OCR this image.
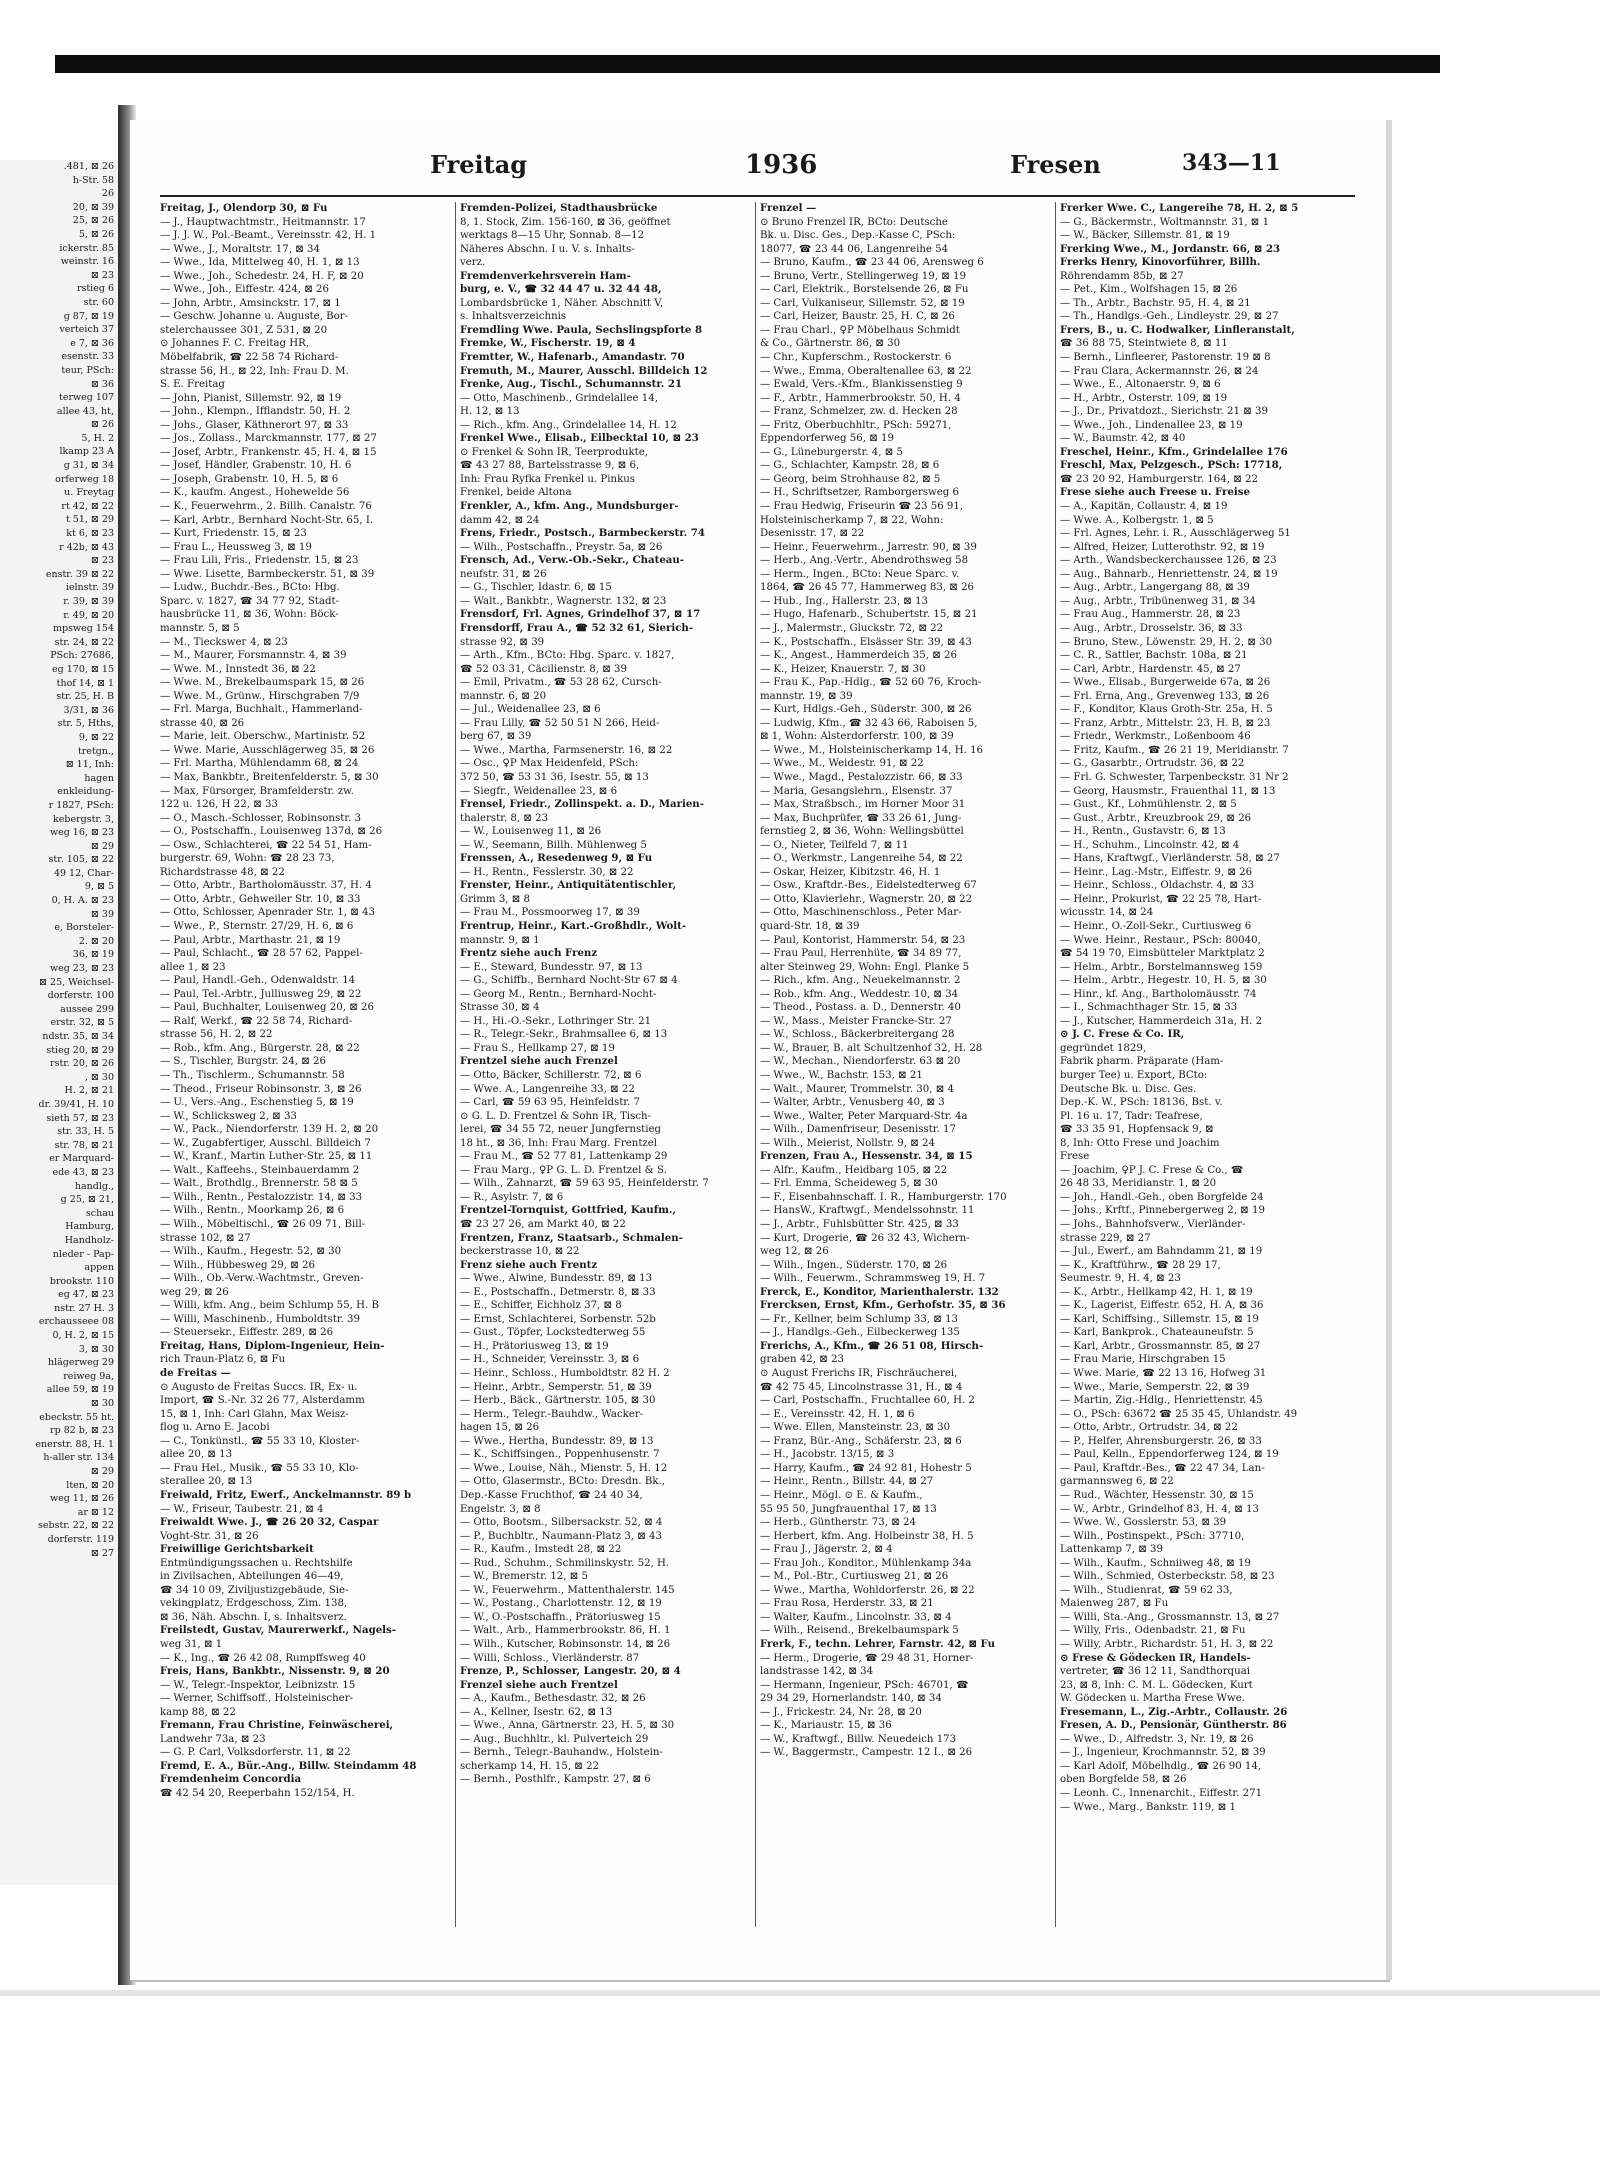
.481, ⊠ 26
h-Str. 58
26
20, ⊠ 39
25, ⊠ 26
5, ⊠ 26
ickerstr. 85
weinstr. 16
⊠ 23
rstieg 6
str. 60
g 87, ⊠ 19
verteich 37
e 7, ⊠ 36
esenstr. 33
teur, PSch:
⊠ 36
terweg 107
allee 43, ht,
⊠ 26
5, H. 2
lkamp 23 A
g 31, ⊠ 34
orferweg 18
u. Freytag
rt 42, ⊠ 22
t 51, ⊠ 29
kt 6, ⊠ 23
r 42b, ⊠ 43
⊠ 23
enstr. 39 ⊠ 22
ielnstr. 39
r. 39, ⊠ 39
r. 49, ⊠ 20
mpsweg 154
str. 24, ⊠ 22
PSch: 27686,
eg 170, ⊠ 15
thof 14, ⊠ 1
str. 25, H. B
3/31, ⊠ 36
str. 5, Hths,
9, ⊠ 22
tretgn.,
⊠ 11, Inh:
hagen
enkleidung-
r 1827, PSch:
kebergstr. 3,
weg 16, ⊠ 23
⊠ 29
str. 105, ⊠ 22
49 12, Char-
9, ⊠ 5
0, H. A. ⊠ 23
⊠ 39
e, Borsteler-
2. ⊠ 20
36, ⊠ 19
weg 23, ⊠ 23
⊠ 25, Weichsel-
dorferstr. 100
aussee 299
erstr. 32, ⊠ 5
ndstr. 35, ⊠ 34
stieg 20, ⊠ 29
rstr. 20, ⊠ 26
, ⊠ 30
H. 2, ⊠ 21
dr. 39/41, H. 10
sieth 57, ⊠ 23
str. 33, H. 5
str. 78, ⊠ 21
er Marquard-
ede 43, ⊠ 23
handlg.,
g 25, ⊠ 21,
schau
Hamburg,
Handholz-
nleder - Pap-
appen
brookstr. 110
eg 47, ⊠ 23
nstr. 27 H. 3
erchausseee 08
0, H. 2, ⊠ 15
3, ⊠ 30
hlägerweg 29
reiweg 9a,
allee 59, ⊠ 19
⊠ 30
ebeckstr. 55 ht.
rp 82 b, ⊠ 23
enerstr. 88, H. 1
h-aller str. 134
⊠ 29
lten, ⊠ 20
weg 11, ⊠ 26
ar ⊠ 12
sebstr. 22, ⊠ 22
dorferstr. 119
⊠ 27
Freitag	1936	Fresen	343—11
Freitag, J., Olendorp 30, ⊠ Fu
— J., Hauptwachtmstr., Heitmannstr. 17
— J. J. W., Pol.-Beamt., Vereinsstr. 42, H. 1
— Wwe., J., Moraltstr. 17, ⊠ 34
— Wwe., Ida, Mittelweg 40, H. 1, ⊠ 13
— Wwe., Joh., Schedestr. 24, H. F, ⊠ 20
— Wwe., Joh., Eiffestr. 424, ⊠ 26
— John, Arbtr., Amsinckstr. 17, ⊠ 1
— Geschw. Johanne u. Auguste, Bor-
stelerchaussee 301, Z 531, ⊠ 20
⊙ Johannes F. C. Freitag HR,
Möbelfabrik, ☎ 22 58 74 Richard-
strasse 56, H., ⊠ 22, Inh: Frau D. M.
S. E. Freitag
— John, Pianist, Sillemstr. 92, ⊠ 19
— John., Klempn., Ifflandstr. 50, H. 2
— Johs., Glaser, Käthnerort 97, ⊠ 33
— Jos., Zollass., Marckmannstr. 177, ⊠ 27
— Josef, Arbtr., Frankenstr. 45, H. 4, ⊠ 15
— Josef, Händler, Grabenstr. 10, H. 6
— Joseph, Grabenstr. 10, H. 5, ⊠ 6
— K., kaufm. Angest., Hohewelde 56
— K., Feuerwehrm., 2. Billh. Canalstr. 76
— Karl, Arbtr., Bernhard Nocht-Str. 65, I.
— Kurt, Friedenstr. 15, ⊠ 23
— Frau L., Heussweg 3, ⊠ 19
— Frau Lili, Fris., Friedenstr. 15, ⊠ 23
— Wwe. Lisette, Barmbeckerstr. 51, ⊠ 39
— Ludw., Buchdr.-Bes., BCto: Hbg.
Sparc. v. 1827, ☎ 34 77 92, Stadt-
hausbrücke 11, ⊠ 36, Wohn: Böck-
mannstr. 5, ⊠ 5
— M., Tieckswег 4, ⊠ 23
— M., Maurer, Forsmannstr. 4, ⊠ 39
— Wwe. M., Innstedt 36, ⊠ 22
— Wwe. M., Brekelbaumspark 15, ⊠ 26
— Wwe. M., Grünw., Hirschgraben 7/9
— Frl. Marga, Buchhalt., Hammerland-
strasse 40, ⊠ 26
— Marie, leit. Oberschw., Martinistr. 52
— Wwe. Marie, Ausschlägerweg 35, ⊠ 26
— Frl. Martha, Mühlendamm 68, ⊠ 24
— Max, Bankbtr., Breitenfelderstr. 5, ⊠ 30
— Max, Fürsorger, Bramfelderstr. zw.
122 u. 126, H 22, ⊠ 33
— O., Masch.-Schlosser, Robinsonstr. 3
— O., Postschaffn., Louisenweg 137d, ⊠ 26
— Osw., Schlachterei, ☎ 22 54 51, Ham-
burgerstr. 69, Wohn: ☎ 28 23 73,
Richardstrasse 48, ⊠ 22
— Otto, Arbtr., Bartholomäusstr. 37, H. 4
— Otto, Arbtr., Gehweiler Str. 10, ⊠ 33
— Otto, Schlosser, Apenrader Str. 1, ⊠ 43
— Wwe., P., Sternstr. 27/29, H. 6, ⊠ 6
— Paul, Arbtr., Marthastr. 21, ⊠ 19
— Paul, Schlacht., ☎ 28 57 62, Pappel-
allee 1, ⊠ 23
— Paul, Handl.-Geh., Odenwaldstr. 14
— Paul, Tel.-Arbtr., Julliusweg 29, ⊠ 22
— Paul, Buchhalter, Louisenweg 20, ⊠ 26
— Ralf, Werkf., ☎ 22 58 74, Richard-
strasse 56, H. 2, ⊠ 22
— Rob., kfm. Ang., Bürgerstr. 28, ⊠ 22
— S., Tischler, Burgstr. 24, ⊠ 26
— Th., Tischlerm., Schumannstr. 58
— Theod., Friseur Robinsonstr. 3, ⊠ 26
— U., Vers.-Ang., Eschenstieg 5, ⊠ 19
— W., Schlicksweg 2, ⊠ 33
— W., Pack., Niendorferstr. 139 H. 2, ⊠ 20
— W., Zugabfertiger, Ausschl. Billdeich 7
— W., Kranf., Martin Luther-Str. 25, ⊠ 11
— Walt., Kaffeehs., Steinbauerdamm 2
— Walt., Brothdlg., Brennerstr. 58 ⊠ 5
— Wilh., Rentn., Pestalozzistr. 14, ⊠ 33
— Wilh., Rentn., Moorkamp 26, ⊠ 6
— Wilh., Möbeltischl., ☎ 26 09 71, Bill-
strasse 102, ⊠ 27
— Wilh., Kaufm., Hegestr. 52, ⊠ 30
— Wilh., Hübbesweg 29, ⊠ 26
— Wilh., Ob.-Verw.-Wachtmstr., Greven-
weg 29, ⊠ 26
— Willi, kfm. Ang., beim Schlump 55, H. B
— Willi, Maschinenb., Humboldtstr. 39
— Steuersekr., Eiffestr. 289, ⊠ 26
Freitag, Hans, Diplom-Ingenieur, Hein-
rich Traun-Platz 6, ⊠ Fu
de Freitas —
⊙ Augusto de Freitas Succs. IR, Ex- u.
Import, ☎ S.-Nr. 32 26 77, Alsterdamm
15, ⊠ 1, Inh: Carl Glahn, Max Weisz-
flog u. Arno E. Jacobi
— C., Tonkünstl., ☎ 55 33 10, Kloster-
allee 20, ⊠ 13
— Frau Hel., Musik., ☎ 55 33 10, Klo-
sterallee 20, ⊠ 13
Freiwald, Fritz, Ewerf., Anckelmannstr. 89 b
— W., Friseur, Taubestr. 21, ⊠ 4
Freiwaldt Wwe. J., ☎ 26 20 32, Caspar
Voght-Str. 31, ⊠ 26
Freiwillige Gerichtsbarkeit
Entmündigungssachen u. Rechtshilfe
in Zivilsachen, Abteilungen 46—49,
☎ 34 10 09, Ziviljustizgebäude, Sie-
vekingplatz, Erdgeschoss, Zim. 138,
⊠ 36, Näh. Abschn. I, s. Inhaltsverz.
Freilstedt, Gustav, Maurerwerkf., Nagels-
weg 31, ⊠ 1
— K., Ing., ☎ 26 42 08, Rumpffsweg 40
Freis, Hans, Bankbtr., Nissenstr. 9, ⊠ 20
— W., Telegr.-Inspektor, Leibnizstr. 15
— Werner, Schiffsoff., Holsteinischer-
kamp 88, ⊠ 22
Fremann, Frau Christine, Feinwäscherei,
Landwehr 73a, ⊠ 23
— G. P. Carl, Volksdorferstr. 11, ⊠ 22
Fremd, E. A., Bür.-Ang., Billw. Steindamm 48
Fremdenheim Concordia
☎ 42 54 20, Reeperbahn 152/154, H.
Fremden-Polizei, Stadthausbrücke
8, 1. Stock, Zim. 156-160, ⊠ 36, geöffnet
werktags 8—15 Uhr, Sonnab. 8—12
Näheres Abschn. I u. V. s. Inhalts-
verz.
Fremdenverkehrsverein Ham-
burg, e. V., ☎ 32 44 47 u. 32 44 48,
Lombardsbrücke 1, Näher. Abschnitt V,
s. Inhaltsverzeichnis
Fremdling Wwe. Paula, Sechslingspforte 8
Fremke, W., Fischerstr. 19, ⊠ 4
Fremtter, W., Hafenarb., Amandastr. 70
Fremuth, M., Maurer, Ausschl. Billdeich 12
Frenke, Aug., Tischl., Schumannstr. 21
— Otto, Maschinenb., Grindelallee 14,
H. 12, ⊠ 13
— Rich., kfm. Ang., Grindelallee 14, H. 12
Frenkel Wwe., Elisab., Eilbecktal 10, ⊠ 23
⊙ Frenkel & Sohn IR, Teerprodukte,
☎ 43 27 88, Bartelsstrasse 9, ⊠ 6,
Inh: Frau Ryfka Frenkel u. Pinkus
Frenkel, beide Altona
Frenkler, A., kfm. Ang., Mundsburger-
damm 42, ⊠ 24
Frens, Friedr., Postsch., Barmbeckerstr. 74
— Wilh., Postschaffn., Preystr. 5a, ⊠ 26
Frensch, Ad., Verw.-Ob.-Sekr., Chateau-
neufstr. 31, ⊠ 26
— G., Tischler, Idastr. 6, ⊠ 15
— Walt., Bankbtr., Wagnerstr. 132, ⊠ 23
Frensdorf, Frl. Agnes, Grindelhof 37, ⊠ 17
Frensdorff, Frau A., ☎ 52 32 61, Sierich-
strasse 92, ⊠ 39
— Arth., Kfm., BCto: Hbg. Sparc. v. 1827,
☎ 52 03 31, Cäcilienstr. 8, ⊠ 39
— Emil, Privatm., ☎ 53 28 62, Cursch-
mannstr. 6, ⊠ 20
— Jul., Weidenallee 23, ⊠ 6
— Frau Lilly, ☎ 52 50 51 N 266, Heid-
berg 67, ⊠ 39
— Wwe., Martha, Farmsenerstr. 16, ⊠ 22
— Osc., ♀P Max Heidenfeld, PSch:
372 50, ☎ 53 31 36, Isestr. 55, ⊠ 13
— Siegfr., Weidenallee 23, ⊠ 6
Frensel, Friedr., Zollinspekt. a. D., Marien-
thalerstr. 8, ⊠ 23
— W., Louisenweg 11, ⊠ 26
— W., Seemann, Billh. Mühlenweg 5
Frenssen, A., Resedenweg 9, ⊠ Fu
— H., Rentn., Fesslerstr. 30, ⊠ 22
Frenster, Heinr., Antiquitätentischler,
Grimm 3, ⊠ 8
— Frau M., Possmoorweg 17, ⊠ 39
Frentrup, Heinr., Kart.-Großhdlr., Wolt-
mannstr. 9, ⊠ 1
Frentz siehe auch Frenz
— E., Steward, Bundesstr. 97, ⊠ 13
— G., Schiffb., Bernhard Nocht-Str 67 ⊠ 4
— Georg M., Rentn., Bernhard-Nocht-
Strasse 30, ⊠ 4
— H., Hi.-O.-Sekr., Lothringer Str. 21
— R., Telegr.-Sekr., Brahmsallee 6, ⊠ 13
— Frau S., Hellkamp 27, ⊠ 19
Frentzel siehe auch Frenzel
— Otto, Bäcker, Schillerstr. 72, ⊠ 6
— Wwe. A., Langenreihe 33, ⊠ 22
— Carl, ☎ 59 63 95, Heinfeldstr. 7
⊙ G. L. D. Frentzel & Sohn IR, Tisch-
lerei, ☎ 34 55 72, neuer Jungfernstieg
18 ht., ⊠ 36, Inh: Frau Marg. Frentzel
— Frau M., ☎ 52 77 81, Lattenkamp 29
— Frau Marg., ♀P G. L. D. Frentzel & S.
— Wilh., Zahnarzt, ☎ 59 63 95, Heinfelderstr. 7
— R., Asylstr. 7, ⊠ 6
Frentzel-Tornquist, Gottfried, Kaufm.,
☎ 23 27 26, am Markt 40, ⊠ 22
Frentzen, Franz, Staatsarb., Schmalen-
beckerstrasse 10, ⊠ 22
Frenz siehe auch Frentz
— Wwe., Alwine, Bundesstr. 89, ⊠ 13
— E., Postschaffn., Detmerstr. 8, ⊠ 33
— E., Schiffer, Eichholz 37, ⊠ 8
— Ernst, Schlachterei, Sorbenstr. 52b
— Gust., Töpfer, Lockstedterweg 55
— H., Prätoriusweg 13, ⊠ 19
— H., Schneider, Vereinsstr. 3, ⊠ 6
— Heinr., Schloss., Humboldtstr. 82 H. 2
— Heinr., Arbtr., Semperstr. 51, ⊠ 39
— Herb., Bäck., Gärtnerstr. 105, ⊠ 30
— Herm., Telegr.-Bauhdw., Wacker-
hagen 15, ⊠ 26
— Wwe., Hertha, Bundesstr. 89, ⊠ 13
— K., Schiffsingen., Poppenhusenstr. 7
— Wwe., Louise, Näh., Mienstr. 5, H. 12
— Otto, Glasermstr., BCto: Dresdn. Bk.,
Dep.-Kasse Fruchthof, ☎ 24 40 34,
Engelstr. 3, ⊠ 8
— Otto, Bootsm., Silbersackstr. 52, ⊠ 4
— P., Buchbltr., Naumann-Platz 3, ⊠ 43
— R., Kaufm., Imstedt 28, ⊠ 22
— Rud., Schuhm., Schmilinskystr. 52, H.
— W., Bremerstr. 12, ⊠ 5
— W., Feuerwehrm., Mattenthalerstr. 145
— W., Postang., Charlottenstr. 12, ⊠ 19
— W., O.-Postschaffn., Prätoriusweg 15
— Walt., Arb., Hammerbrookstr. 86, H. 1
— Wilh., Kutscher, Robinsonstr. 14, ⊠ 26
— Willi, Schloss., Vierländerstr. 87
Frenze, P., Schlosser, Langestr. 20, ⊠ 4
Frenzel siehe auch Frentzel
— A., Kaufm., Bethesdastr. 32, ⊠ 26
— A., Kellner, Isestr. 62, ⊠ 13
— Wwe., Anna, Gärtnerstr. 23, H. 5, ⊠ 30
— Aug., Buchhltr., kl. Pulverteich 29
— Bernh., Telegr.-Bauhandw., Holstein-
scherkamp 14, H. 15, ⊠ 22
— Bernh., Posthlfr., Kampstr. 27, ⊠ 6
Frenzel —
⊙ Bruno Frenzel IR, BCto: Deutsche
Bk. u. Disc. Ges., Dep.-Kasse C, PSch:
18077, ☎ 23 44 06, Langenreihe 54
— Bruno, Kaufm., ☎ 23 44 06, Arensweg 6
— Bruno, Vertr., Stellingerweg 19, ⊠ 19
— Carl, Elektrik., Borstelsende 26, ⊠ Fu
— Carl, Vulkaniseur, Sillemstr. 52, ⊠ 19
— Carl, Heizer, Baustr. 25, H. C, ⊠ 26
— Frau Charl., ♀P Möbelhaus Schmidt
& Co., Gärtnerstr. 86, ⊠ 30
— Chr., Kupferschm., Rostockerstr. 6
— Wwe., Emma, Oberaltenallee 63, ⊠ 22
— Ewald, Vers.-Kfm., Blankissenstieg 9
— F., Arbtr., Hammerbrookstr. 50, H. 4
— Franz, Schmelzer, zw. d. Hecken 28
— Fritz, Oberbuchhltr., PSch: 59271,
Eppendorferweg 56, ⊠ 19
— G., Lüneburgerstr. 4, ⊠ 5
— G., Schlachter, Kampstr. 28, ⊠ 6
— Georg, beim Strohhause 82, ⊠ 5
— H., Schriftsetzer, Ramborgersweg 6
— Frau Hedwig, Friseurin ☎ 23 56 91,
Holsteinischerkamp 7, ⊠ 22, Wohn:
Desenisstr. 17, ⊠ 22
— Heinr., Feuerwehrm., Jarrestr. 90, ⊠ 39
— Herb., Ang.-Vertr., Abendrothsweg 58
— Herm., Ingen., BCto: Neue Sparc. v.
1864, ☎ 26 45 77, Hammerweg 83, ⊠ 26
— Hub., Ing., Hallerstr. 23, ⊠ 13
— Hugo, Hafenarb., Schubertstr. 15, ⊠ 21
— J., Malermstr., Gluckstr. 72, ⊠ 22
— K., Postschaffn., Elsässer Str. 39, ⊠ 43
— K., Angest., Hammerdeich 35, ⊠ 26
— K., Heizer, Knauerstr. 7, ⊠ 30
— Frau K., Pap.-Hdlg., ☎ 52 60 76, Kroch-
mannstr. 19, ⊠ 39
— Kurt, Hdlgs.-Geh., Süderstr. 300, ⊠ 26
— Ludwig, Kfm., ☎ 32 43 66, Raboisen 5,
⊠ 1, Wohn: Alsterdorferstr. 100, ⊠ 39
— Wwe., M., Holsteinischerkamp 14, H. 16
— Wwe., M., Weidestr. 91, ⊠ 22
— Wwe., Magd., Pestalozzistr. 66, ⊠ 33
— Maria, Gesangslehrn., Elsenstr. 37
— Max, Straßbsch., im Horner Moor 31
— Max, Buchprüfer, ☎ 33 26 61, Jung-
fernstieg 2, ⊠ 36, Wohn: Wellingsbüttel
— O., Nieter, Teilfeld 7, ⊠ 11
— O., Werkmstr., Langenreihe 54, ⊠ 22
— Oskar, Heizer, Kibitzstr. 46, H. 1
— Osw., Kraftdr.-Bes., Eidelstedterweg 67
— Otto, Klavierlehr., Wagnerstr. 20, ⊠ 22
— Otto, Maschinenschloss., Peter Mar-
quard-Str. 18, ⊠ 39
— Paul, Kontorist, Hammerstr. 54, ⊠ 23
— Frau Paul, Herrenhüte, ☎ 34 89 77,
alter Steinweg 29, Wohn: Engl. Planke 5
— Rich., kfm. Ang., Neuekelmannstr. 2
— Rob., kfm. Ang., Weddestr. 10, ⊠ 34
— Theod., Postass. a. D., Dennerstr. 40
— W., Mass., Meister Francke-Str. 27
— W., Schloss., Bäckerbreitergang 28
— W., Brauer, B. alt Schultzenhof 32, H. 28
— W., Mechan., Niendorferstr. 63 ⊠ 20
— Wwe., W., Bachstr. 153, ⊠ 21
— Walt., Maurer, Trommelstr. 30, ⊠ 4
— Walter, Arbtr., Venusberg 40, ⊠ 3
— Wwe., Walter, Peter Marquard-Str. 4a
— Wilh., Damenfriseur, Desenisstr. 17
— Wilh., Meierist, Nollstr. 9, ⊠ 24
Frenzen, Frau A., Hessenstr. 34, ⊠ 15
— Alfr., Kaufm., Heidbarg 105, ⊠ 22
— Frl. Emma, Scheideweg 5, ⊠ 30
— F., Eisenbahnschaff. I. R., Hamburgerstr. 170
— HansW., Kraftwgf., Mendelssohnstr. 11
— J., Arbtr., Fuhlsbütter Str. 425, ⊠ 33
— Kurt, Drogerie, ☎ 26 32 43, Wichern-
weg 12, ⊠ 26
— Wilh., Ingen., Süderstr. 170, ⊠ 26
— Wilh., Feuerwm., Schrammsweg 19, H. 7
Frerck, E., Konditor, Marienthalerstr. 132
Frercksen, Ernst, Kfm., Gerhofstr. 35, ⊠ 36
— Fr., Kellner, beim Schlump 33, ⊠ 13
— J., Handlgs.-Geh., Eilbeckerweg 135
Frerichs, A., Kfm., ☎ 26 51 08, Hirsch-
graben 42, ⊠ 23
⊙ August Frerichs IR, Fischräucherei,
☎ 42 75 45, Lincolnstrasse 31, H., ⊠ 4
— Carl, Postschaffn., Fruchtallee 60, H. 2
— E., Vereinsstr. 42, H. 1, ⊠ 6
— Wwe. Ellen, Mansteinstr. 23, ⊠ 30
— Franz, Bür.-Ang., Schäferstr. 23, ⊠ 6
— H., Jacobstr. 13/15, ⊠ 3
— Harry, Kaufm., ☎ 24 92 81, Hohestr 5
— Heinr., Rentn., Billstr. 44, ⊠ 27
— Heinr., Mögl. ⊙ E. & Kaufm.,
55 95 50, Jungfrauenthal 17, ⊠ 13
— Herb., Güntherstr. 73, ⊠ 24
— Herbert, kfm. Ang. Holbeinstr 38, H. 5
— Frau J., Jägerstr. 2, ⊠ 4
— Frau Joh., Konditor., Mühlenkamp 34a
— M., Pol.-Btr., Curtiusweg 21, ⊠ 26
— Wwe., Martha, Wohldorferstr. 26, ⊠ 22
— Frau Rosa, Herderstr. 33, ⊠ 21
— Walter, Kaufm., Lincolnstr. 33, ⊠ 4
— Wilh., Reisend., Brekelbaumspark 5
Frerk, F., techn. Lehrer, Farnstr. 42, ⊠ Fu
— Herm., Drogerie, ☎ 29 48 31, Horner-
landstrasse 142, ⊠ 34
— Hermann, Ingenieur, PSch: 46701, ☎
29 34 29, Hornerlandstr. 140, ⊠ 34
— J., Frickestr. 24, Nr. 28, ⊠ 20
— K., Mariaustr. 15, ⊠ 36
— W., Kraftwgf., Billw. Neuedeich 173
— W., Baggermstr., Campestr. 12 I., ⊠ 26
Frerker Wwe. C., Langereihe 78, H. 2, ⊠ 5
— G., Bäckermstr., Woltmannstr. 31, ⊠ 1
— W., Bäcker, Sillemstr. 81, ⊠ 19
Frerking Wwe., M., Jordanstr. 66, ⊠ 23
Frerks Henry, Kinovorführer, Billh.
Röhrendamm 85b, ⊠ 27
— Pet., Kim., Wolfshagen 15, ⊠ 26
— Th., Arbtr., Bachstr. 95, H. 4, ⊠ 21
— Th., Handlgs.-Geh., Lindleystr. 29, ⊠ 27
Frers, B., u. C. Hodwalker, Linfleranstalt,
☎ 36 88 75, Steintwiete 8, ⊠ 11
— Bernh., Linfleerer, Pastorenstr. 19 ⊠ 8
— Frau Clara, Ackermannstr. 26, ⊠ 24
— Wwe., E., Altonaerstr. 9, ⊠ 6
— H., Arbtr., Osterstr. 109, ⊠ 19
— J., Dr., Privatdozt., Sierichstr. 21 ⊠ 39
— Wwe., Joh., Lindenallee 23, ⊠ 19
— W., Baumstr. 42, ⊠ 40
Freschel, Heinr., Kfm., Grindelallee 176
Freschl, Max, Pelzgesch., PSch: 17718,
☎ 23 20 92, Hamburgerstr. 164, ⊠ 22
Frese siehe auch Freese u. Freise
— A., Kapitän, Collaustr. 4, ⊠ 19
— Wwe. A., Kolbergstr. 1, ⊠ 5
— Frl. Agnes, Lehr. i. R., Ausschlägerweg 51
— Alfred, Heizer, Lutterothstr. 92, ⊠ 19
— Arth., Wandsbeckerchaussee 126, ⊠ 23
— Aug., Bahnarb., Henriettenstr. 24, ⊠ 19
— Aug., Arbtr., Langergang 88, ⊠ 39
— Aug., Arbtr., Tribünenweg 31, ⊠ 34
— Frau Aug., Hammerstr. 28, ⊠ 23
— Aug., Arbtr., Drosselstr. 36, ⊠ 33
— Bruno, Stew., Löwenstr. 29, H. 2, ⊠ 30
— C. R., Sattler, Bachstr. 108a, ⊠ 21
— Carl, Arbtr., Hardenstr. 45, ⊠ 27
— Wwe., Elisab., Burgerweide 67a, ⊠ 26
— Frl. Erna, Ang., Grevenweg 133, ⊠ 26
— F., Konditor, Klaus Groth-Str. 25a, H. 5
— Franz, Arbtr., Mittelstr. 23, H. B, ⊠ 23
— Friedr., Werkmstr., Loßenboom 46
— Fritz, Kaufm., ☎ 26 21 19, Meridianstr. 7
— G., Gasarbtr., Ortrudstr. 36, ⊠ 22
— Frl. G. Schwester, Tarpenbeckstr. 31 Nr 2
— Georg, Hausmstr., Frauenthal 11, ⊠ 13
— Gust., Kf., Lohmühlenstr. 2, ⊠ 5
— Gust., Arbtr., Kreuzbrook 29, ⊠ 26
— H., Rentn., Gustavstr. 6, ⊠ 13
— H., Schuhm., Lincolnstr. 42, ⊠ 4
— Hans, Kraftwgf., Vierländerstr. 58, ⊠ 27
— Heinr., Lag.-Mstr., Eiffestr. 9, ⊠ 26
— Heinr., Schloss., Oldachstr. 4, ⊠ 33
— Heinr., Prokurist, ☎ 22 25 78, Hart-
wicusstr. 14, ⊠ 24
— Heinr., O.-Zoll-Sekr., Curtiusweg 6
— Wwe. Heinr., Restaur., PSch: 80040,
☎ 54 19 70, Eimsbütteler Marktplatz 2
— Helm., Arbtr., Borstelmannsweg 159
— Helm., Arbtr., Hegestr. 10, H. 5, ⊠ 30
— Hinr., kf. Ang., Bartholomäusstr. 74
— I., Schmachthager Str. 15, ⊠ 33
— J., Kutscher, Hammerdeich 31a, H. 2
⊙ J. C. Frese & Co. IR,
gegründet 1829,
Fabrik pharm. Präparate (Ham-
burger Tee) u. Export, BCto:
Deutsche Bk. u. Disc. Ges.
Dep.-K. W., PSch: 18136, Bst. v.
Pl. 16 u. 17, Tadr: Teafrese,
☎ 33 35 91, Hopfensack 9, ⊠
8, Inh: Otto Frese und Joachim
Frese
— Joachim, ♀P J. C. Frese & Co., ☎
26 48 33, Meridianstr. 1, ⊠ 20
— Joh., Handl.-Geh., oben Borgfelde 24
— Johs., Krftf., Pinnebergerweg 2, ⊠ 19
— Johs., Bahnhofsverw., Vierländer-
strasse 229, ⊠ 27
— Jul., Ewerf., am Bahndamm 21, ⊠ 19
— K., Kraftführw., ☎ 28 29 17,
Seumestr. 9, H. 4, ⊠ 23
— K., Arbtr., Hellkamp 42, H. 1, ⊠ 19
— K., Lagerist, Eiffestr. 652, H. A, ⊠ 36
— Karl, Schiffsing., Sillemstr. 15, ⊠ 19
— Karl, Bankprok., Chateauneufstr. 5
— Karl, Arbtr., Grossmannstr. 85, ⊠ 27
— Frau Marie, Hirschgraben 15
— Wwe. Marie, ☎ 22 13 16, Hofweg 31
— Wwe., Marie, Semperstr. 22, ⊠ 39
— Martin, Zig.-Hdlg., Henriettenstr. 45
— O., PSch: 63672 ☎ 25 35 45, Uhlandstr. 49
— Otto, Arbtr., Ortrudstr. 34, ⊠ 22
— P., Helfer, Ahrensburgerstr. 26, ⊠ 33
— Paul, Kelln., Eppendorferweg 124, ⊠ 19
— Paul, Kraftdr.-Bes., ☎ 22 47 34, Lan-
garmannsweg 6, ⊠ 22
— Rud., Wächter, Hessenstr. 30, ⊠ 15
— W., Arbtr., Grindelhof 83, H. 4, ⊠ 13
— Wwe. W., Gosslerstr. 53, ⊠ 39
— Wilh., Postinspekt., PSch: 37710,
Lattenkamp 7, ⊠ 39
— Wilh., Kaufm., Schniiweg 48, ⊠ 19
— Wilh., Schmied, Osterbeckstr. 58, ⊠ 23
— Wilh., Studienrat, ☎ 59 62 33,
Maienweg 287, ⊠ Fu
— Willi, Sta.-Ang., Grossmannstr. 13, ⊠ 27
— Willy, Fris., Odenbadstr. 21, ⊠ Fu
— Willy, Arbtr., Richardstr. 51, H. 3, ⊠ 22
⊙ Frese & Gödecken IR, Handels-
vertreter, ☎ 36 12 11, Sandthorquai
23, ⊠ 8, Inh: C. M. L. Gödecken, Kurt
W. Gödecken u. Martha Frese Wwe.
Fresemann, L., Zig.-Arbtr., Collaustr. 26
Fresen, A. D., Pensionär, Güntherstr. 86
— Wwe., D., Alfredstr. 3, Nr. 19, ⊠ 26
— J., Ingenieur, Krochmannstr. 52, ⊠ 39
— Karl Adolf, Möbelhdlg., ☎ 26 90 14,
oben Borgfelde 58, ⊠ 26
— Leonh. C., Innenarchit., Eiffestr. 271
— Wwe., Marg., Bankstr. 119, ⊠ 1
